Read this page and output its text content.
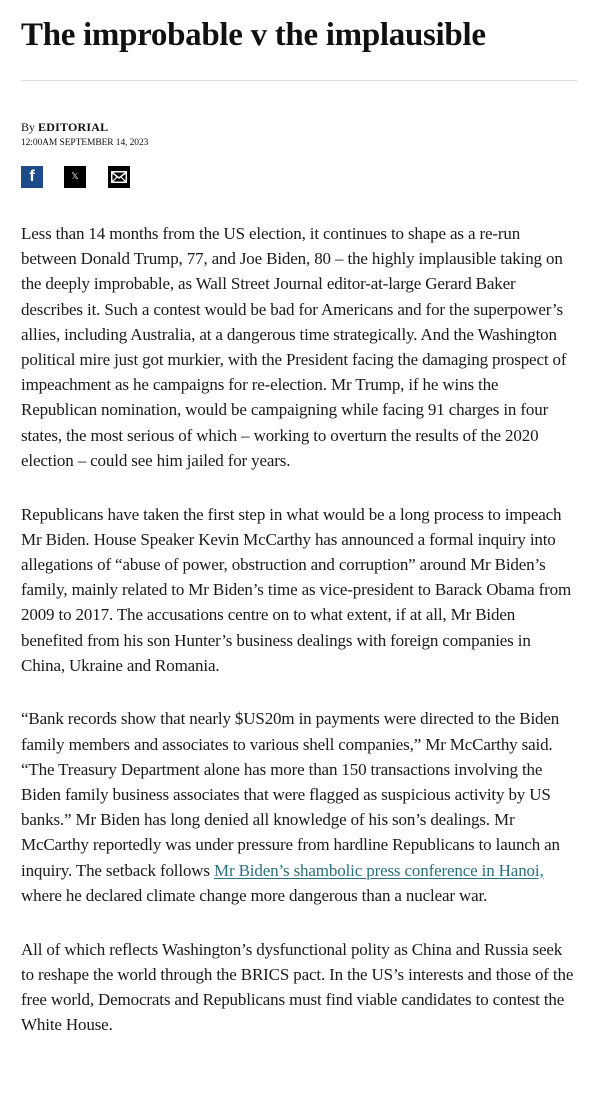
The improbable v the implausible
By EDITORIAL
12:00AM SEPTEMBER 14, 2023
f	𝕏

Less than 14 months from the US election, it continues to shape as a re-run between Donald Trump, 77, and Joe Biden, 80 – the highly implausible taking on the deeply improbable, as Wall Street Journal editor-at-large Gerard Baker describes it. Such a contest would be bad for Americans and for the superpower’s allies, including Australia, at a dangerous time strategically. And the Washington political mire just got murkier, with the President facing the damaging prospect of impeachment as he campaigns for re-election. Mr Trump, if he wins the Republican nomination, would be campaigning while facing 91 charges in four states, the most serious of which – working to overturn the results of the 2020 election – could see him jailed for years.

Republicans have taken the first step in what would be a long process to impeach Mr Biden. House Speaker Kevin McCarthy has announced a formal inquiry into allegations of “abuse of power, obstruction and corruption” around Mr Biden’s family, mainly related to Mr Biden’s time as vice-president to Barack Obama from 2009 to 2017. The accusations centre on to what extent, if at all, Mr Biden benefited from his son Hunter’s business dealings with foreign companies in China, Ukraine and Romania.

“Bank records show that nearly $US20m in payments were directed to the Biden family members and associates to various shell companies,” Mr McCarthy said. “The Treasury Department alone has more than 150 transactions involving the Biden family business associates that were flagged as suspicious activity by US banks.” Mr Biden has long denied all knowledge of his son’s dealings. Mr McCarthy reportedly was under pressure from hardline Republicans to launch an inquiry. The setback follows Mr Biden’s shambolic press conference in Hanoi, where he declared climate change more dangerous than a nuclear war.

All of which reflects Washington’s dysfunctional polity as China and Russia seek to reshape the world through the BRICS pact. In the US’s interests and those of the free world, Democrats and Republicans must find viable candidates to contest the White House.
